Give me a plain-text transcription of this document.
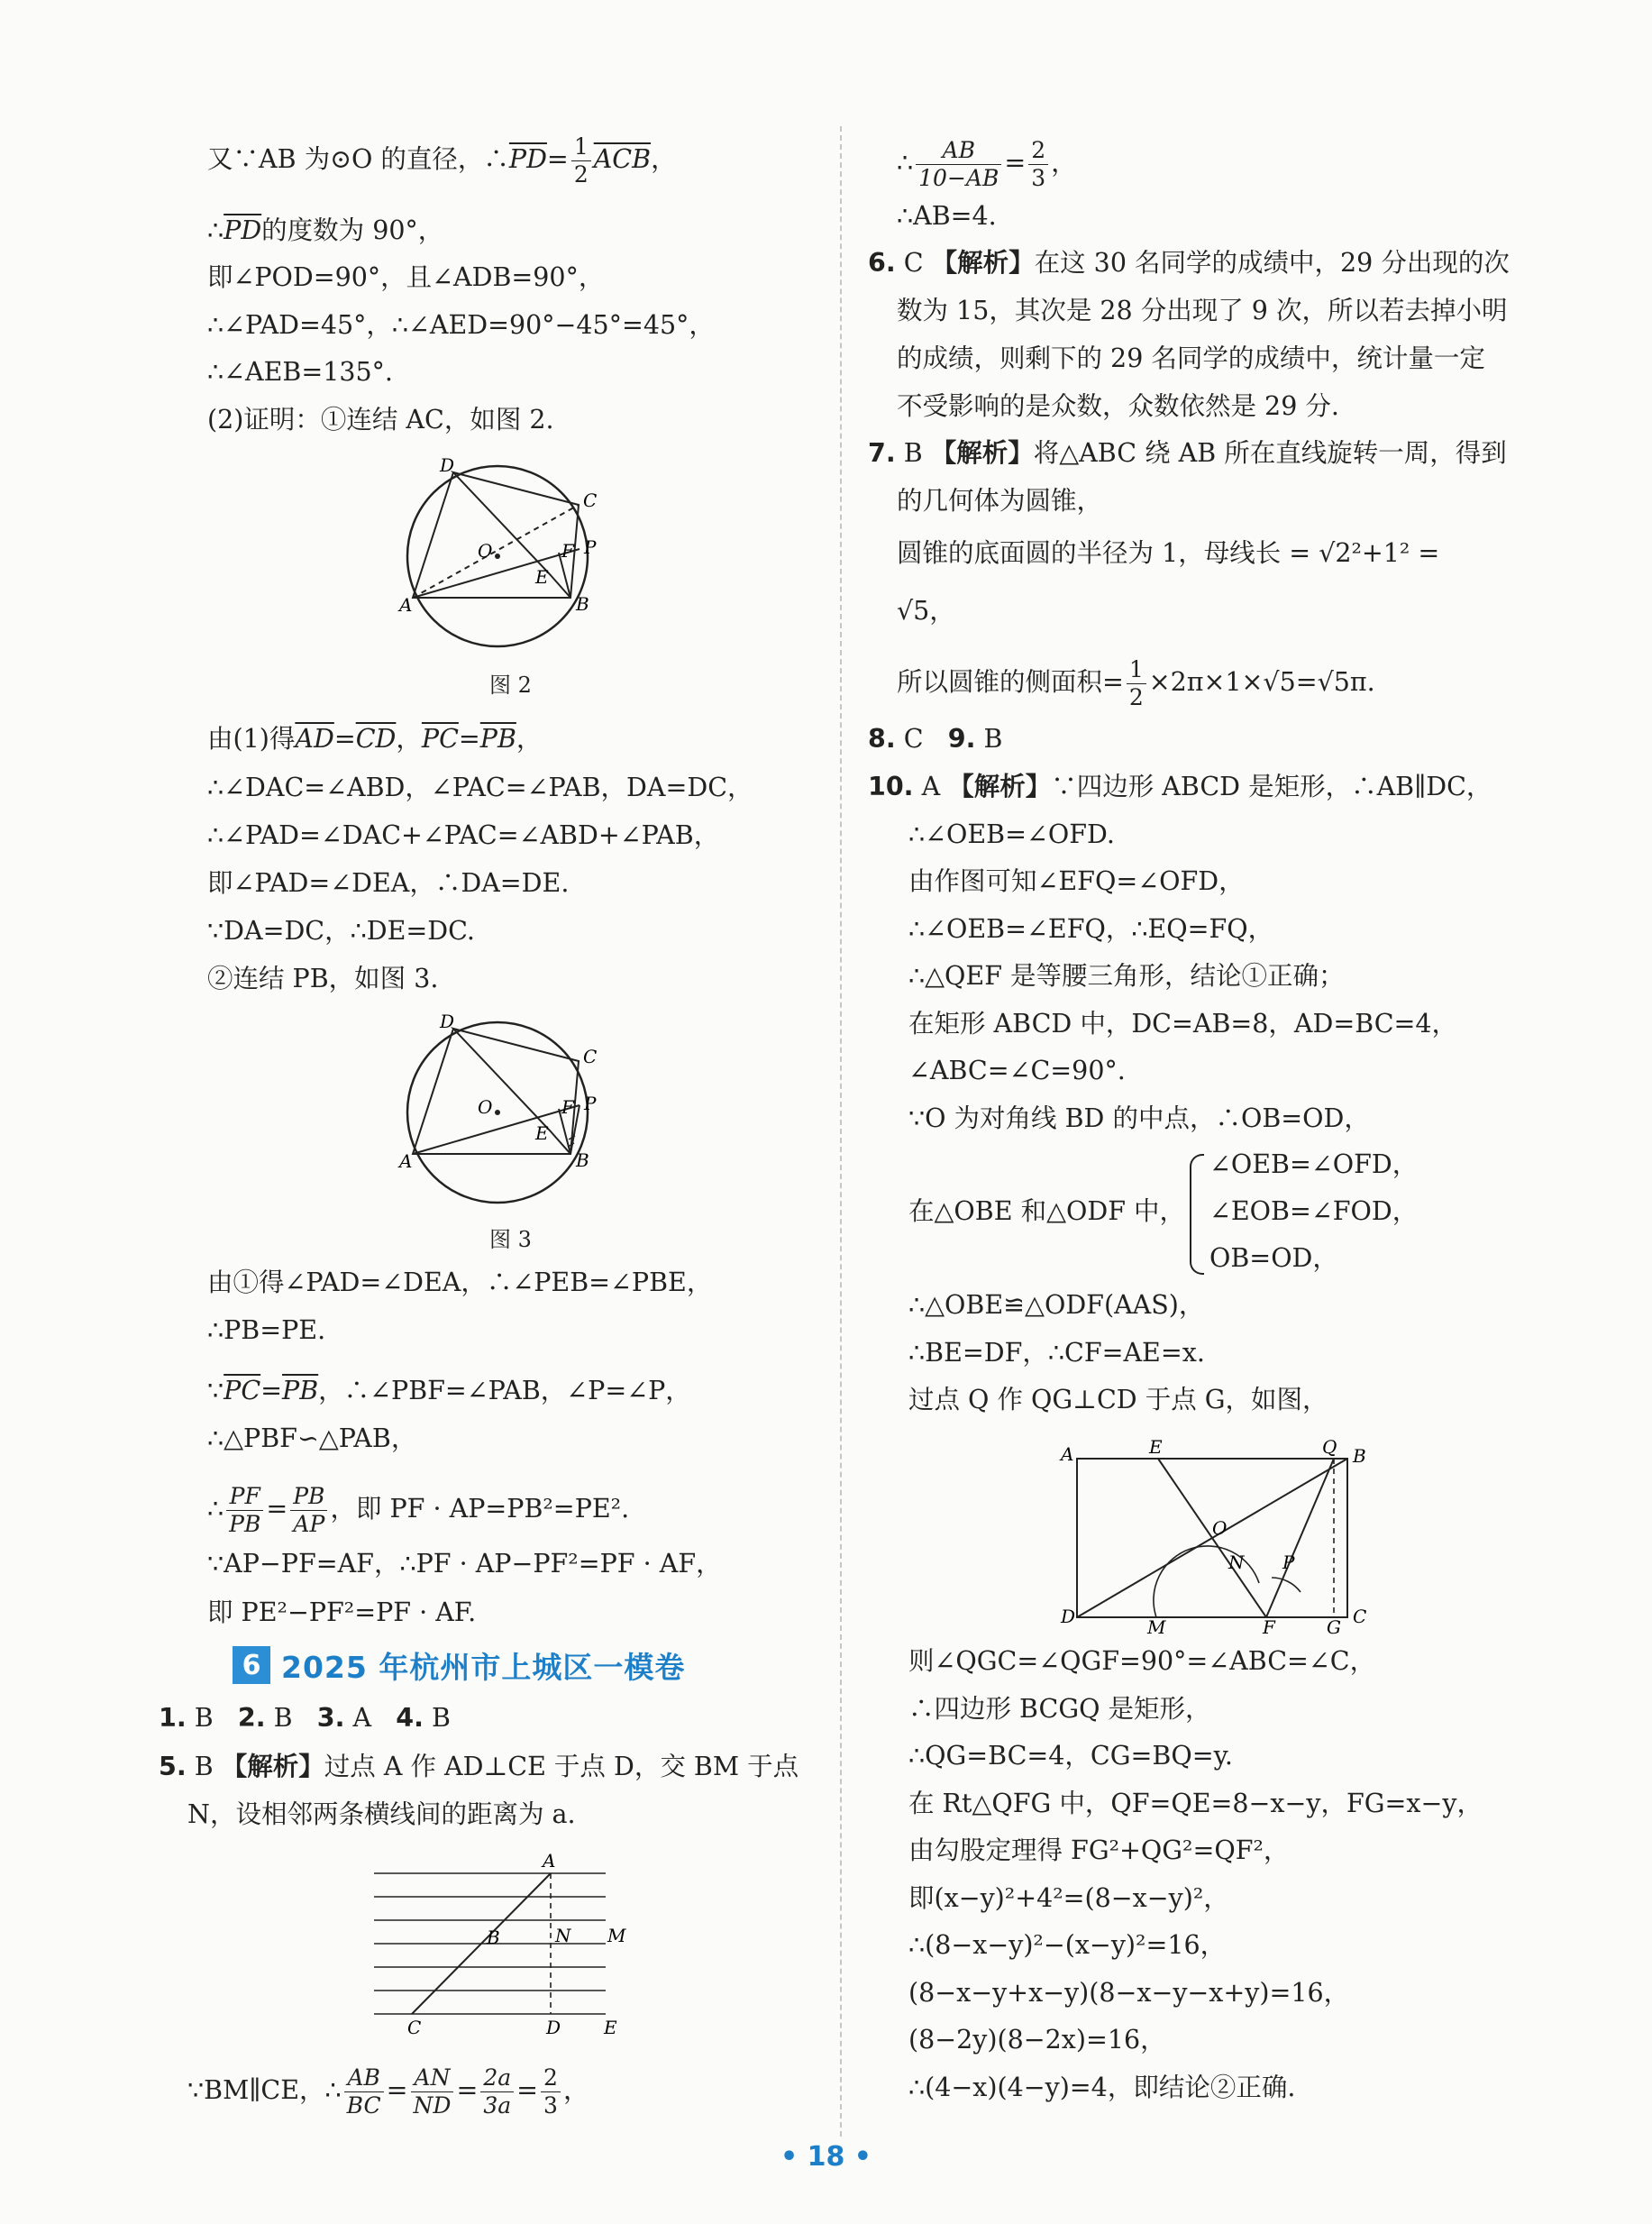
又∵AB 为⊙O 的直径，$\therefore\overline{PD}= \frac{1}{2} \overline{ACB}$，
$\therefore\overline{PD}$的度数为 90°，
即∠POD=90°，且∠ADB=90°，
∴∠PAD=45°，∴∠AED=90°−45°=45°，
∴∠AEB=135°.
(2)证明：①连结 AC，如图 2.
D
C
O	F P
E
A	B
图 2
由(1)得$\overline{AD}=\overline{CD}$，$\overline{PC}=\overline{PB}$，
∴∠DAC=∠ABD，∠PAC=∠PAB，DA=DC，
∴∠PAD=∠DAC+∠PAC=∠ABD+∠PAB，
即∠PAD=∠DEA，∴DA=DE.
∵DA=DC，∴DE=DC.
②连结 PB，如图 3.
D
C
O	F P
E
A	B
图 3
由①得∠PAD=∠DEA，∴∠PEB=∠PBE，
∴PB=PE.
$\because\overline{PC}=\overline{PB}$，∴∠PBF=∠PAB，∠P=∠P，
∴△PBF∽△PAB，
∴ $\frac{PF}{PB} = \frac{PB}{AP}$ ，即 PF · AP=PB²=PE².
∵AP−PF=AF，∴PF · AP−PF²=PF · AF，
即 PE²−PF²=PF · AF.
6 2025 年杭州市上城区一模卷
1. B 2. B 3. A 4. B
5. B 【解析】过点 A 作 AD⊥CE 于点 D，交 BM 于点
N，设相邻两条横线间的距离为 a.
A
B	N M
C	D E
∵BM∥CE，∴ $\frac{AB}{BC} = \frac{AN}{ND} = \frac{2a}{3a} = \frac{2}{3}$ ，
∴ $\frac{AB}{10-AB} = \frac{2}{3}$ ，
∴AB=4.
6. C 【解析】在这 30 名同学的成绩中，29 分出现的次
数为 15，其次是 28 分出现了 9 次，所以若去掉小明
的成绩，则剩下的 29 名同学的成绩中，统计量一定
不受影响的是众数，众数依然是 29 分.
7. B 【解析】将△ABC 绕 AB 所在直线旋转一周，得到
的几何体为圆锥，
圆锥的底面圆的半径为 1，母线长 = √2²+1² =
√5，
所以圆锥的侧面积= $\frac{1}{2} \times 2\pi\times 1\times√5=√5\pi$.
8. C 9. B
10. A 【解析】∵四边形 ABCD 是矩形，∴AB∥DC，
∴∠OEB=∠OFD.
由作图可知∠EFQ=∠OFD，
∴∠OEB=∠EFQ，∴EQ=FQ，
∴△QEF 是等腰三角形，结论①正确；
在矩形 ABCD 中，DC=AB=8，AD=BC=4，
∠ABC=∠C=90°.
∵O 为对角线 BD 的中点，∴OB=OD，
在△OBE 和△ODF 中，
∠OEB=∠OFD，
∠EOB=∠FOD，
OB=OD，
∴△OBE≌△ODF(AAS)，
∴BE=DF，∴CF=AE=x.
过点 Q 作 QG⊥CD 于点 G，如图，
A	E	Q B
O
N P
D	M	F	G C
则∠QGC=∠QGF=90°=∠ABC=∠C，
∴四边形 BCGQ 是矩形，
∴QG=BC=4，CG=BQ=y.
在 Rt△QFG 中，QF=QE=8−x−y，FG=x−y，
由勾股定理得 FG²+QG²=QF²，
即(x−y)²+4²=(8−x−y)²，
∴(8−x−y)²−(x−y)²=16，
(8−x−y+x−y)(8−x−y−x+y)=16，
(8−2y)(8−2x)=16，
∴(4−x)(4−y)=4，即结论②正确.
• 18 •
